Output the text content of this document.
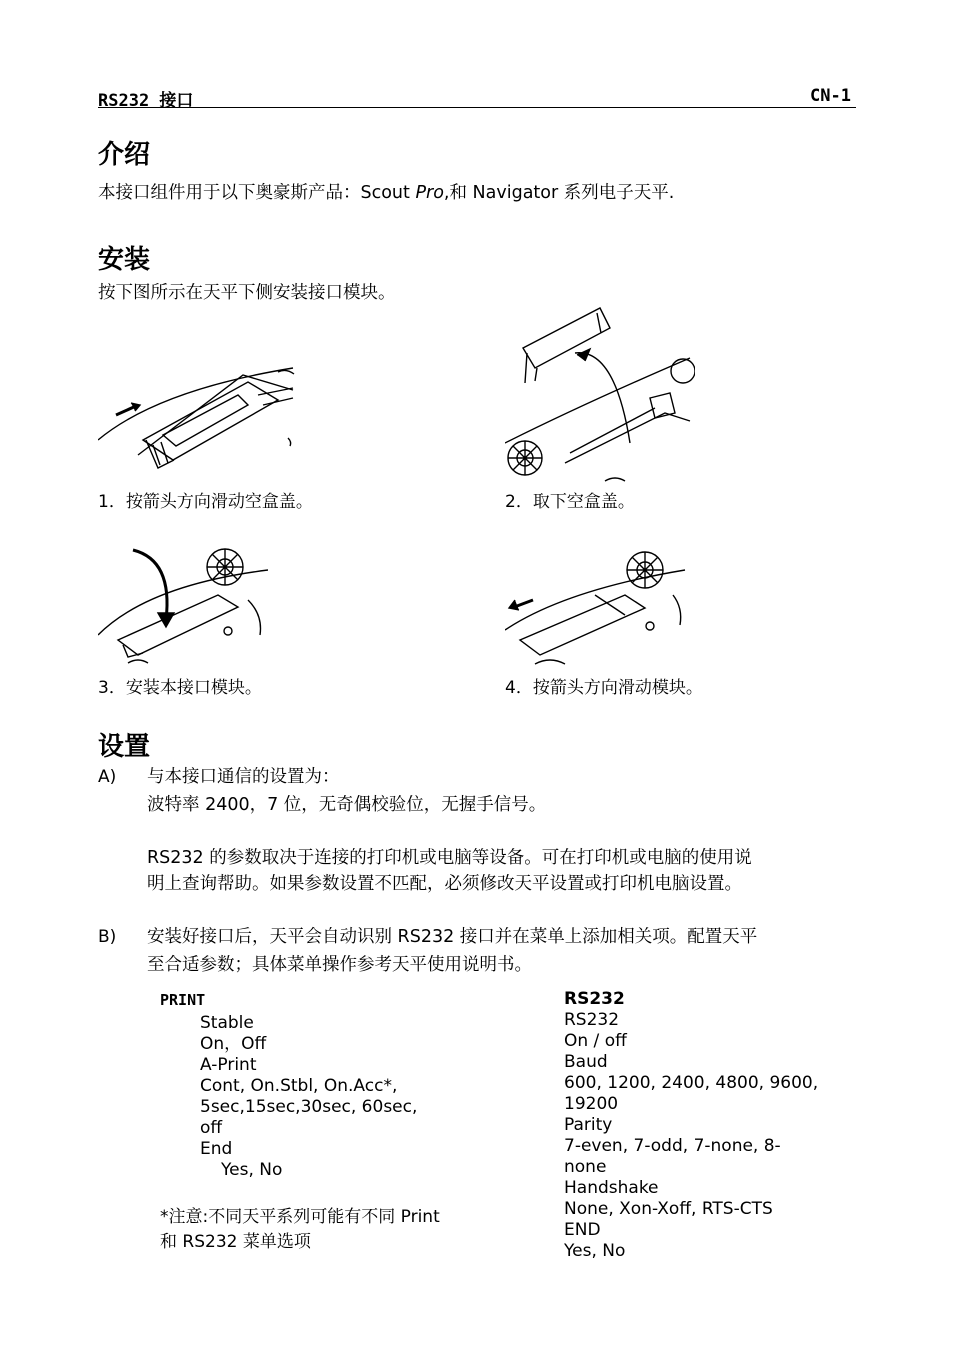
RS232 接口	CN-1
介绍
本接口组件用于以下奥豪斯产品：Scout Pro,和 Navigator 系列电子天平.
安装
按下图所示在天平下侧安装接口模块。
1．按箭头方向滑动空盒盖。	2．取下空盒盖。
3．安装本接口模块。	4．按箭头方向滑动模块。
设置
A) 与本接口通信的设置为：
波特率 2400，7 位，无奇偶校验位，无握手信号。
RS232 的参数取决于连接的打印机或电脑等设备。可在打印机或电脑的使用说
明上查询帮助。如果参数设置不匹配，必须修改天平设置或打印机电脑设置。
B) 安装好接口后，天平会自动识别 RS232 接口并在菜单上添加相关项。配置天平
至合适参数；具体菜单操作参考天平使用说明书。
PRINT
Stable
On，Off
A-Print
Cont, On.Stbl, On.Acc*,
5sec,15sec,30sec, 60sec,
off
End
Yes, No
*注意:不同天平系列可能有不同 Print
和 RS232 菜单选项
RS232
RS232
On / off
Baud
600, 1200, 2400, 4800, 9600,
19200
Parity
7-even, 7-odd, 7-none, 8-
none
Handshake
None, Xon-Xoff, RTS-CTS
END
Yes, No
